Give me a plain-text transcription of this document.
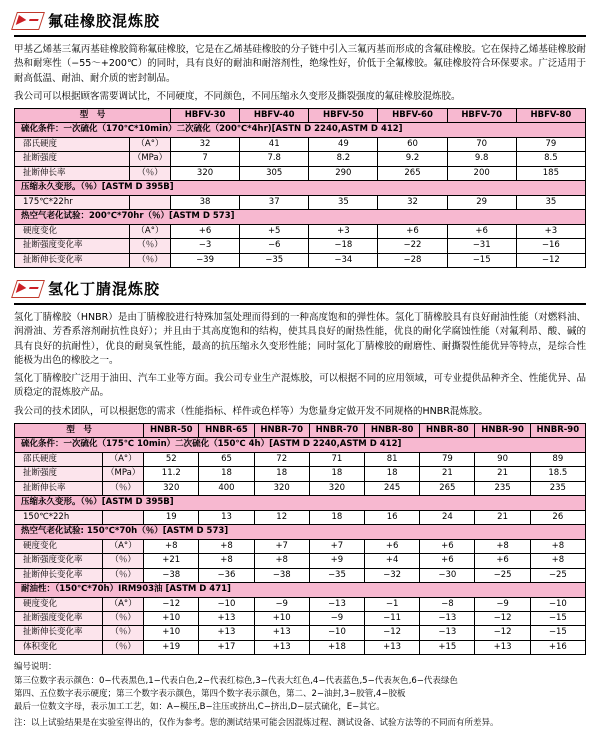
氟硅橡胶混炼胶

甲基乙烯基三氟丙基硅橡胶简称氟硅橡胶，它是在乙烯基硅橡胶的分子链中引入三氟丙基而形成的含氟硅橡胶。它在保持乙烯基硅橡胶耐热和耐寒性（−55～+200℃）的同时，具有良好的耐油和耐溶剂性，绝缘性好，价低于全氟橡胶。氟硅橡胶符合环保要求。广泛适用于耐高低温、耐油、耐介质的密封制品。

我公司可以根据顾客需要调试比，不同硬度，不同颜色，不同压缩永久变形及撕裂强度的氟硅橡胶混炼胶。

型　号		HBFV-30	HBFV-40	HBFV-50	HBFV-60	HBFV-70	HBFV-80
硫化条件：一次硫化（170℃*10min）二次硫化（200℃*4hr)[ASTN D 2240,ASTM D 412]							
邵氏硬度	（A°）	32	41	49	60	70	79
扯断强度	（MPa）	7	7.8	8.2	9.2	9.8	8.5
扯断伸长率	（％）	320	305	290	265	200	185
压缩永久变形。（％）[ASTM D 395B]							
175℃*22hr		38	37	35	32	29	35
热空气老化试验：200℃*70hr（％）[ASTM D 573]							
硬度变化	（A°）	+6	+5	+3	+6	+6	+3
扯断强度变化率	（％）	−3	−6	−18	−22	−31	−16
扯断伸长变化率	（％）	−39	−35	−34	−28	−15	−12
氢化丁腈混炼胶

氢化丁腈橡胶（HNBR）是由丁腈橡胶进行特殊加氢处理而得到的一种高度饱和的弹性体。氢化丁腈橡胶具有良好耐油性能（对燃料油、润滑油、芳香系溶剂耐抗性良好）；并且由于其高度饱和的结构，使其具良好的耐热性能，优良的耐化学腐蚀性能（对氟利昂、酸、碱的具有良好的抗耐性），优良的耐臭氧性能，最高的抗压缩永久变形性能；同时氢化丁腈橡胶的耐磨性、耐撕裂性能优异等特点，是综合性能极为出色的橡胶之一。

氢化丁腈橡胶广泛用于油田、汽车工业等方面。我公司专业生产混炼胶，可以根据不同的应用领域，可专业提供品种齐全、性能优异、品质稳定的混炼胶产品。

我公司的技术团队，可以根据您的需求（性能指标、样件或色样等）为您量身定做开发不同规格的HNBR混炼胶。

型　号		HNBR-50	HNBR-65	HNBR-70	HNBR-70	HNBR-80	HNBR-80	HNBR-90	HNBR-90
硫化条件：一次硫化（175℃ 10min）二次硫化（150℃ 4h）[ASTM D 2240,ASTM D 412]									
邵氏硬度	（A°）	52	65	72	71	81	79	90	89
扯断强度	（MPa）	11.2	18	18	18	18	21	21	18.5
扯断伸长率	（％）	320	400	320	320	245	265	235	235
压缩永久变形。（％）[ASTM D 395B]									
150℃*22h		19	13	12	18	16	24	21	26
热空气老化试验: 150℃*70h（％）[ASTM D 573]									
硬度变化	（A°）	+8	+8	+7	+7	+6	+6	+8	+8
扯断强度变化率	（％）	+21	+8	+8	+9	+4	+6	+6	+8
扯断伸长变化率	（％）	−38	−36	−38	−35	−32	−30	−25	−25
耐油性：（150℃*70h）IRM903油 [ASTM D 471]									
硬度变化	（A°）	−12	−10	−9	−13	−1	−8	−9	−10
扯断强度变化率	（％）	+10	+13	+10	−9	−11	−13	−12	−15
扯断伸长变化率	（％）	+10	+13	+13	−10	−12	−13	−12	−15
体积变化	（％）	+19	+17	+13	+18	+13	+15	+13	+16

编号说明：

第三位数字表示颜色：0−代表黑色,1−代表白色,2−代表红棕色,3−代表大红色,4−代表蓝色,5−代表灰色,6−代表绿色

第四、五位数字表示硬度；第三个数字表示颜色，第四个数字表示颜色，第二、2−油封,3−胶管,4−胶板

最后一位数文字母，表示加工工艺，如：A−模压,B−注压或挤出,C−挤出,D−层式硫化，E−其它。

注：以上试验结果是在实验室得出的，仅作为参考。您的测试结果可能会因混炼过程、测试设备、试验方法等的不同而有所差异。
